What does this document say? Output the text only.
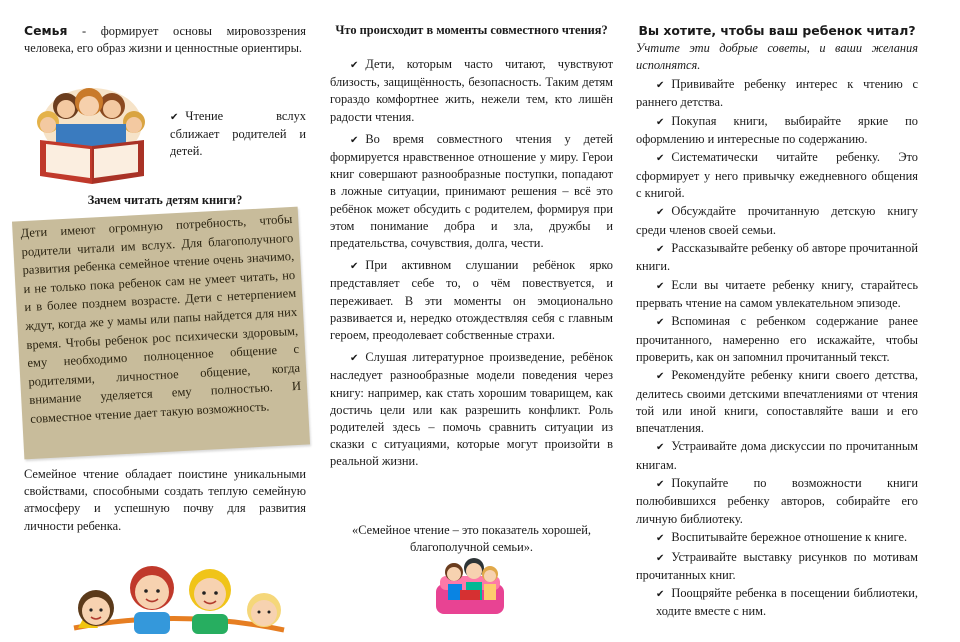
Семья - формирует основы мировоззрения человека, его образ жизни и ценностные ориентиры.

✔ Чтение вслух сближает родителей и детей.

Зачем читать детям книги?

Дети имеют огромную потребность, чтобы родители читали им вслух. Для благополучного развития ребенка семейное чтение очень значимо, и не только пока ребенок сам не умеет читать, но и в более позднем возрасте. Дети с нетерпением ждут, когда же у мамы или папы найдется для них время. Чтобы ребенок рос психически здоровым, ему необходимо полноценное общение с родителями, личностное общение, когда внимание уделяется ему полностью. И совместное чтение дает такую возможность.

Семейное чтение обладает поистине уникальными свойствами, способными создать теплую семейную атмосферу и успешную почву для развития личности ребенка.

Что происходит в моменты совместного чтения?

✔ Дети, которым часто читают, чувствуют близость, защищённость, безопасность. Таким детям гораздо комфортнее жить, нежели тем, кто лишён радости чтения.

✔ Во время совместного чтения у детей формируется нравственное отношение у миру. Герои книг совершают разнообразные поступки, попадают в ложные ситуации, принимают решения – всё это ребёнок может обсудить с родителем, формируя при этом понимание добра и зла, дружбы и предательства, сочувствия, долга, чести.

✔ При активном слушании ребёнок ярко представляет себе то, о чём повествуется, и переживает. В эти моменты он эмоционально развивается и, нередко отождествляя себя с главным героем, преодолевает собственные страхи.

✔ Слушая литературное произведение, ребёнок наследует разнообразные модели поведения через книгу: например, как стать хорошим товарищем, как достичь цели или как разрешить конфликт. Роль родителей здесь – помочь сравнить ситуации из сказки с ситуациями, которые могут произойти в реальной жизни.

«Семейное чтение – это показатель хорошей, благополучной семьи».

Вы хотите, чтобы ваш ребенок читал?

Учтите эти добрые советы, и ваши желания исполнятся.

✔ Прививайте ребенку интерес к чтению с раннего детства.

✔ Покупая книги, выбирайте яркие по оформлению и интересные по содержанию.

✔ Систематически читайте ребенку. Это сформирует у него привычку ежедневного общения с книгой.

✔ Обсуждайте прочитанную детскую книгу среди членов своей семьи.

✔ Рассказывайте ребенку об авторе прочитанной книги.

✔ Если вы читаете ребенку книгу, старайтесь прервать чтение на самом увлекательном эпизоде.

✔ Вспоминая с ребенком содержание ранее прочитанного, намеренно его искажайте, чтобы проверить, как он запомнил прочитанный текст.

✔ Рекомендуйте ребенку книги своего детства, делитесь своими детскими впечатлениями от чтения той или иной книги, сопоставляйте ваши и его впечатления.

✔ Устраивайте дома дискуссии по прочитанным книгам.

✔ Покупайте по возможности книги полюбившихся ребенку авторов, собирайте его личную библиотеку.

✔ Воспитывайте бережное отношение к книге.

✔ Устраивайте выставку рисунков по мотивам прочитанных книг.

✔ Поощряйте ребенка в посещении библиотеки, ходите вместе с ним.
